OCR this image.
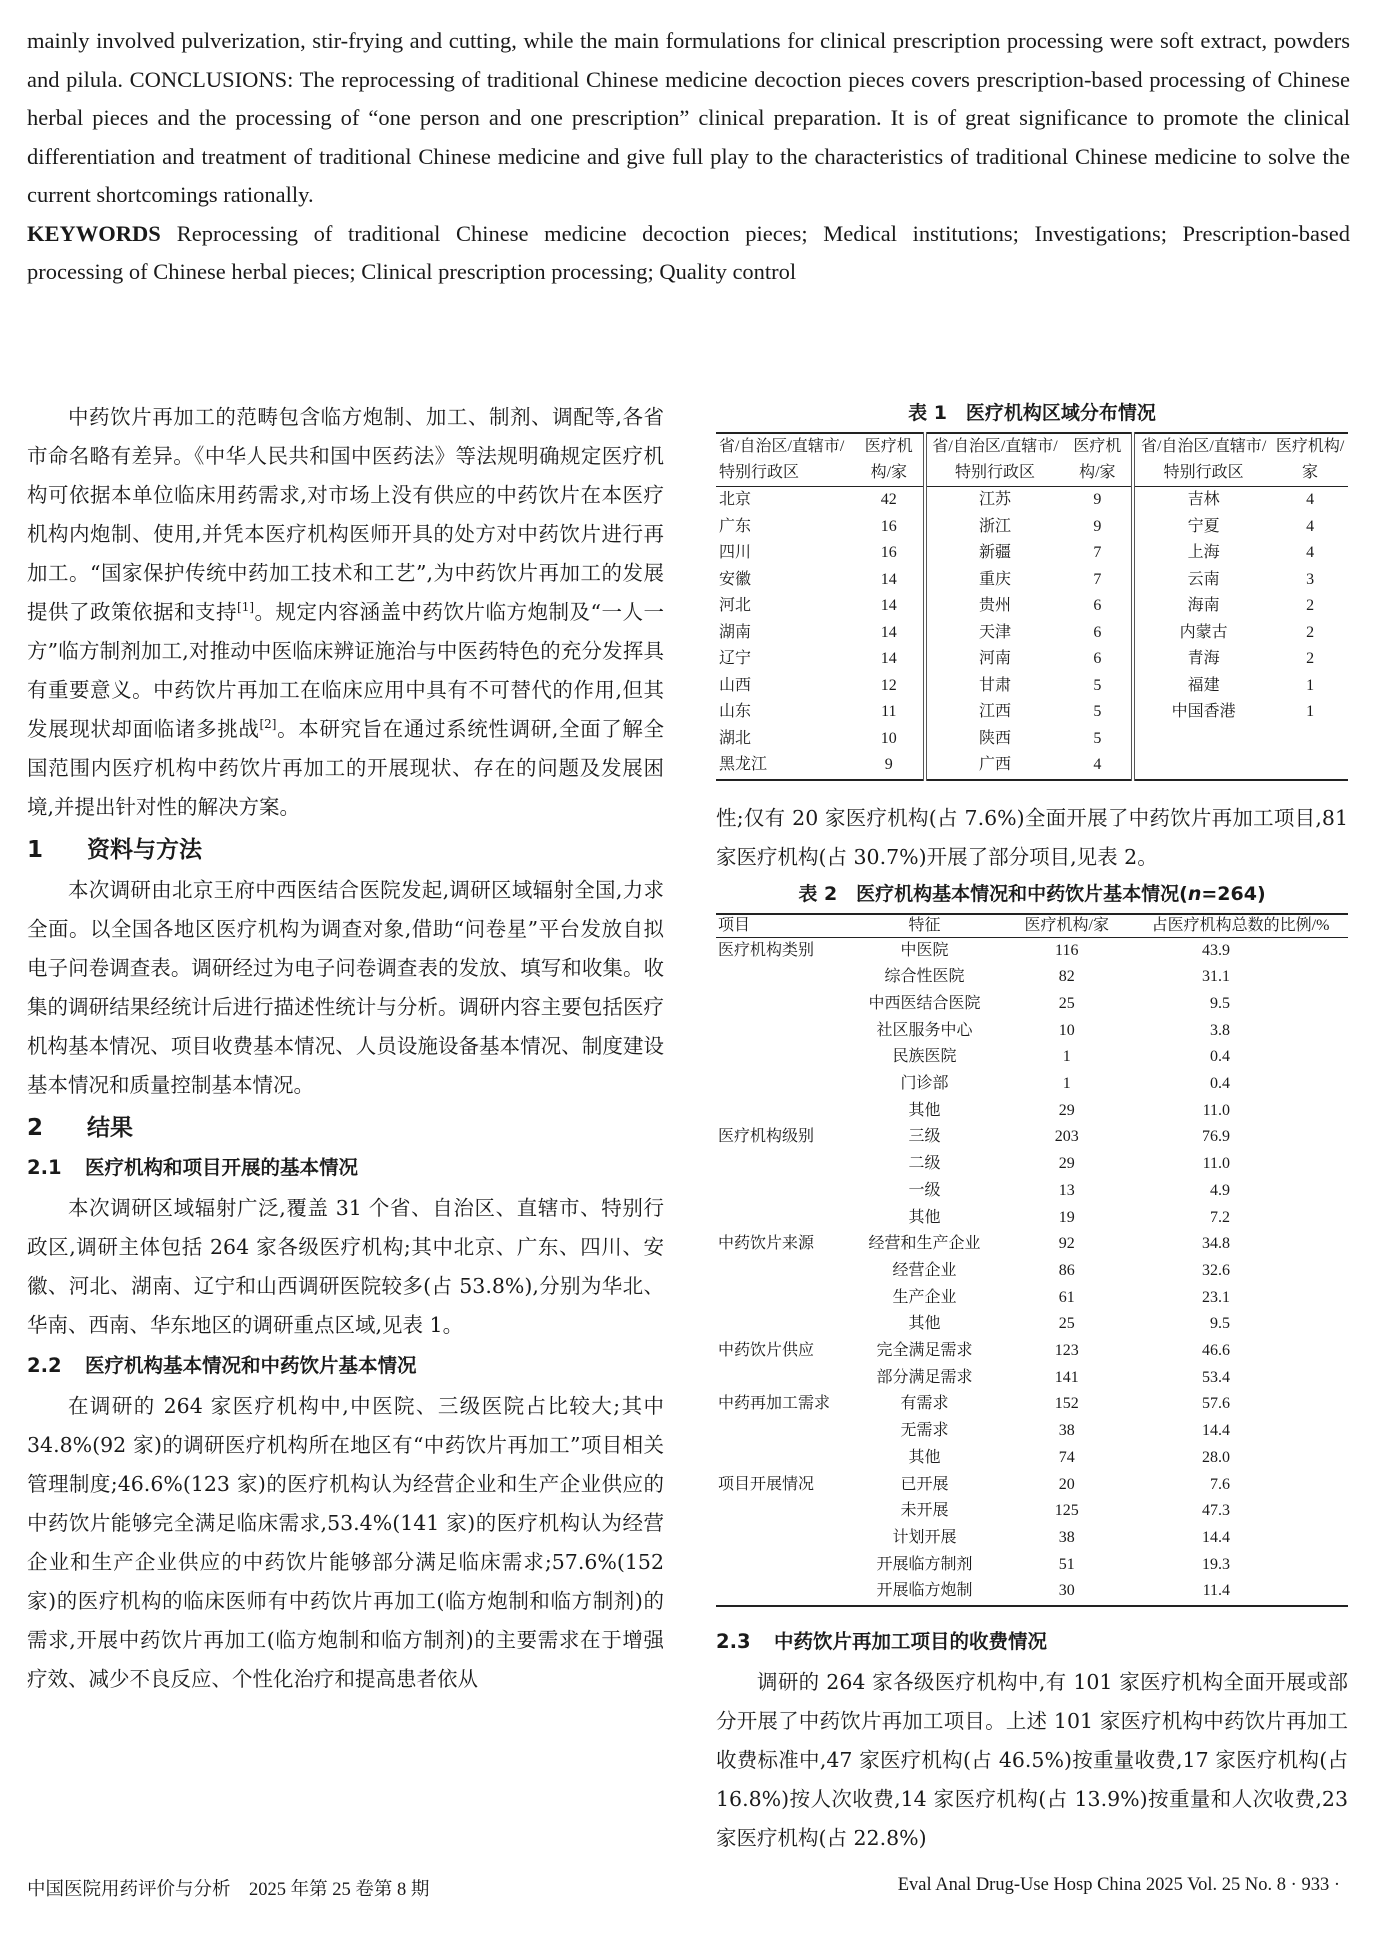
mainly involved pulverization, stir-frying and cutting, while the main formulations for clinical prescription processing were soft extract, powders and pilula. CONCLUSIONS: The reprocessing of traditional Chinese medicine decoction pieces covers prescription-based processing of Chinese herbal pieces and the processing of “one person and one prescription” clinical preparation. It is of great significance to promote the clinical differentiation and treatment of traditional Chinese medicine and give full play to the characteristics of traditional Chinese medicine to solve the current shortcomings rationally.

KEYWORDS Reprocessing of traditional Chinese medicine decoction pieces; Medical institutions; Investigations; Prescription-based processing of Chinese herbal pieces; Clinical prescription processing; Quality control

中药饮片再加工的范畴包含临方炮制、加工、制剂、调配等,各省市命名略有差异。《中华人民共和国中医药法》等法规明确规定医疗机构可依据本单位临床用药需求,对市场上没有供应的中药饮片在本医疗机构内炮制、使用,并凭本医疗机构医师开具的处方对中药饮片进行再加工。“国家保护传统中药加工技术和工艺”,为中药饮片再加工的发展提供了政策依据和支持[1]。规定内容涵盖中药饮片临方炮制及“一人一方”临方制剂加工,对推动中医临床辨证施治与中医药特色的充分发挥具有重要意义。中药饮片再加工在临床应用中具有不可替代的作用,但其发展现状却面临诸多挑战[2]。本研究旨在通过系统性调研,全面了解全国范围内医疗机构中药饮片再加工的开展现状、存在的问题及发展困境,并提出针对性的解决方案。

1 资料与方法

本次调研由北京王府中西医结合医院发起,调研区域辐射全国,力求全面。以全国各地区医疗机构为调查对象,借助“问卷星”平台发放自拟电子问卷调查表。调研经过为电子问卷调查表的发放、填写和收集。收集的调研结果经统计后进行描述性统计与分析。调研内容主要包括医疗机构基本情况、项目收费基本情况、人员设施设备基本情况、制度建设基本情况和质量控制基本情况。

2 结果
2.1 医疗机构和项目开展的基本情况

本次调研区域辐射广泛,覆盖 31 个省、自治区、直辖市、特别行政区,调研主体包括 264 家各级医疗机构;其中北京、广东、四川、安徽、河北、湖南、辽宁和山西调研医院较多(占 53.8%),分别为华北、华南、西南、华东地区的调研重点区域,见表 1。

2.2 医疗机构基本情况和中药饮片基本情况

在调研的 264 家医疗机构中,中医院、三级医院占比较大;其中 34.8%(92 家)的调研医疗机构所在地区有“中药饮片再加工”项目相关管理制度;46.6%(123 家)的医疗机构认为经营企业和生产企业供应的中药饮片能够完全满足临床需求,53.4%(141 家)的医疗机构认为经营企业和生产企业供应的中药饮片能够部分满足临床需求;57.6%(152 家)的医疗机构的临床医师有中药饮片再加工(临方炮制和临方制剂)的需求,开展中药饮片再加工(临方炮制和临方制剂)的主要需求在于增强疗效、减少不良反应、个性化治疗和提高患者依从

表 1　医疗机构区域分布情况

省/自治区/直辖市/特别行政区	医疗机构/家	省/自治区/直辖市/特别行政区	医疗机构/家	省/自治区/直辖市/特别行政区	医疗机构/家
北京	42	江苏	9	吉林	4
广东	16	浙江	9	宁夏	4
四川	16	新疆	7	上海	4
安徽	14	重庆	7	云南	3
河北	14	贵州	6	海南	2
湖南	14	天津	6	内蒙古	2
辽宁	14	河南	6	青海	2
山西	12	甘肃	5	福建	1
山东	11	江西	5	中国香港	1
湖北	10	陕西	5		
黑龙江	9	广西	4		

性;仅有 20 家医疗机构(占 7.6%)全面开展了中药饮片再加工项目,81 家医疗机构(占 30.7%)开展了部分项目,见表 2。

表 2　医疗机构基本情况和中药饮片基本情况(n=264)

项目	特征	医疗机构/家	占医疗机构总数的比例/%
医疗机构类别	中医院	116	43.9
	综合性医院	82	31.1
	中西医结合医院	25	9.5
	社区服务中心	10	3.8
	民族医院	1	0.4
	门诊部	1	0.4
	其他	29	11.0
医疗机构级别	三级	203	76.9
	二级	29	11.0
	一级	13	4.9
	其他	19	7.2
中药饮片来源	经营和生产企业	92	34.8
	经营企业	86	32.6
	生产企业	61	23.1
	其他	25	9.5
中药饮片供应	完全满足需求	123	46.6
	部分满足需求	141	53.4
中药再加工需求	有需求	152	57.6
	无需求	38	14.4
	其他	74	28.0
项目开展情况	已开展	20	7.6
	未开展	125	47.3
	计划开展	38	14.4
	开展临方制剂	51	19.3
	开展临方炮制	30	11.4
2.3 中药饮片再加工项目的收费情况

调研的 264 家各级医疗机构中,有 101 家医疗机构全面开展或部分开展了中药饮片再加工项目。上述 101 家医疗机构中药饮片再加工收费标准中,47 家医疗机构(占 46.5%)按重量收费,17 家医疗机构(占 16.8%)按人次收费,14 家医疗机构(占 13.9%)按重量和人次收费,23 家医疗机构(占 22.8%)

中国医院用药评价与分析　2025 年第 25 卷第 8 期	Eval Anal Drug-Use Hosp China 2025 Vol. 25 No. 8 · 933 ·
